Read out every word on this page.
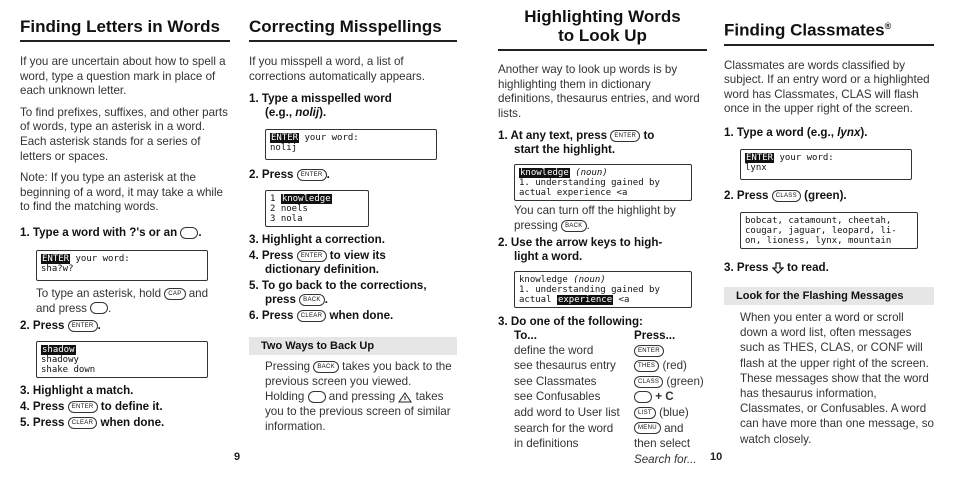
Finding Letters in Words
If you are uncertain about how to spell a word, type a question mark in place of each unknown letter.
To find prefixes, suffixes, and other parts of words, type an asterisk in a word. Each asterisk stands for a series of letters or spaces.
Note: If you type an asterisk at the beginning of a word, it may take a while to find the matching words.
1. Type a word with ?'s or an .
ENTER your word:
sha?w?
To type an asterisk, hold CAP and
and press .
2. Press ENTER .
shadow
shadowy
shake down
3. Highlight a match.
4. Press ENTER to define it.
5. Press CLEAR when done.
9
Correcting Misspellings
If you misspell a word, a list of corrections automatically appears.
1. Type a misspelled word
(e.g., nolij).
ENTER your word:
nolij
2. Press ENTER .
1 knowledge
2 noels
3 nola
3. Highlight a correction.
4. Press ENTER to view its
dictionary definition.
5. To go back to the corrections,
press BACK .
6. Press CLEAR when done.
Two Ways to Back Up
Pressing BACK takes you back to the previous screen you viewed.
Holding and pressing takes you to the previous screen of similar information.
Highlighting Words
to Look Up
Another way to look up words is by highlighting them in dictionary definitions, thesaurus entries, and word lists.
1. At any text, press ENTER to
start the highlight.
knowledge (noun)
1. understanding gained by
actual experience <a
You can turn off the highlight by
pressing BACK .
2. Use the arrow keys to high-
light a word.
knowledge (noun)
1. understanding gained by
actual experience <a
3. Do one of the following:
To...	Press...
define the word	ENTER
see thesaurus entry	THES (red)
see Classmates	CLASS (green)
see Confusables	+ C
add word to User list	LIST (blue)
search for the word	MENU and
in definitions	then select
	Search for... 10
Finding Classmates®
Classmates are words classified by subject. If an entry word or a highlighted word has Classmates, CLAS will flash once in the upper right of the screen.
1. Type a word (e.g., lynx).
ENTER your word:
lynx
2. Press CLASS (green).
bobcat, catamount, cheetah,
cougar, jaguar, leopard, li-
on, lioness, lynx, mountain
3. Press to read.
Look for the Flashing Messages
When you enter a word or scroll down a word list, often messages such as THES, CLAS, or CONF will flash at the upper right of the screen. These messages show that the word has thesaurus information, Classmates, or Confusables. A word can have more than one message, so watch closely.
